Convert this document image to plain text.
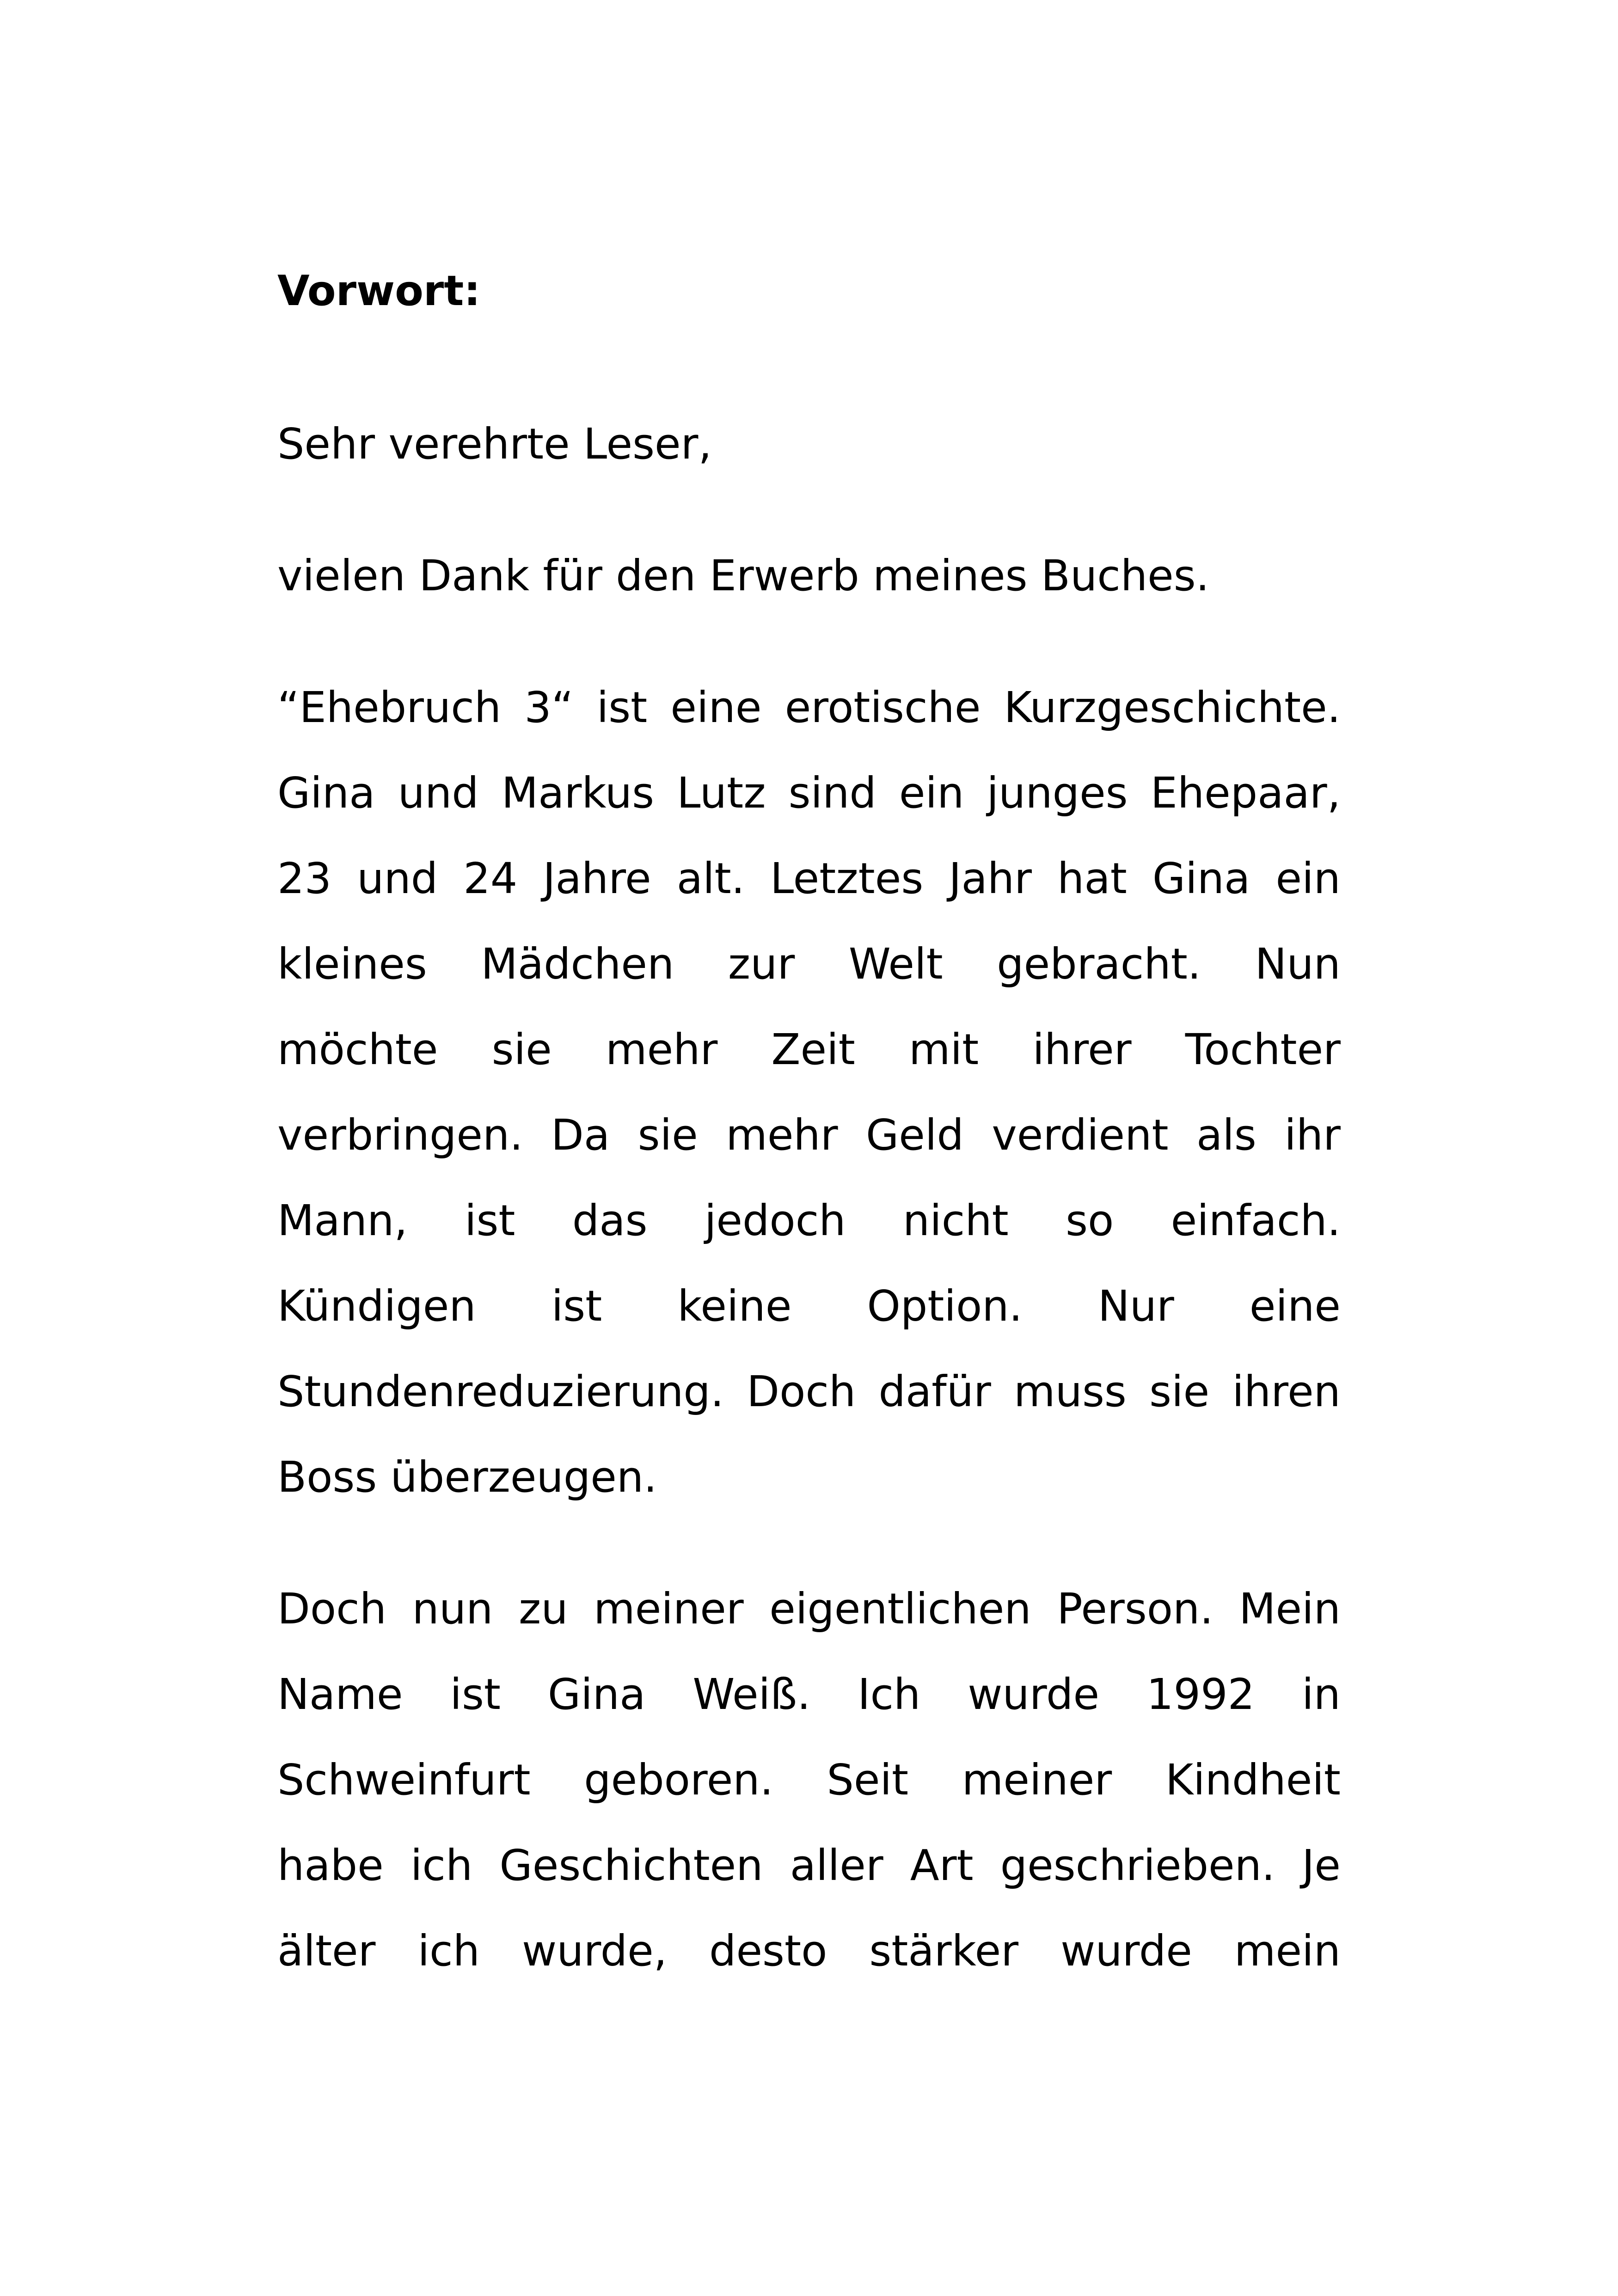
Vorwort:
Sehr verehrte Leser,
vielen Dank für den Erwerb meines Buches.
“Ehebruch 3“ ist eine erotische Kurzgeschichte.
Gina und Markus Lutz sind ein junges Ehepaar,
23 und 24 Jahre alt. Letztes Jahr hat Gina ein
kleines Mädchen zur Welt gebracht. Nun
möchte sie mehr Zeit mit ihrer Tochter
verbringen. Da sie mehr Geld verdient als ihr
Mann, ist das jedoch nicht so einfach.
Kündigen ist keine Option. Nur eine
Stundenreduzierung. Doch dafür muss sie ihren
Boss überzeugen.
Doch nun zu meiner eigentlichen Person. Mein
Name ist Gina Weiß. Ich wurde 1992 in
Schweinfurt geboren. Seit meiner Kindheit
habe ich Geschichten aller Art geschrieben. Je
älter ich wurde, desto stärker wurde mein
